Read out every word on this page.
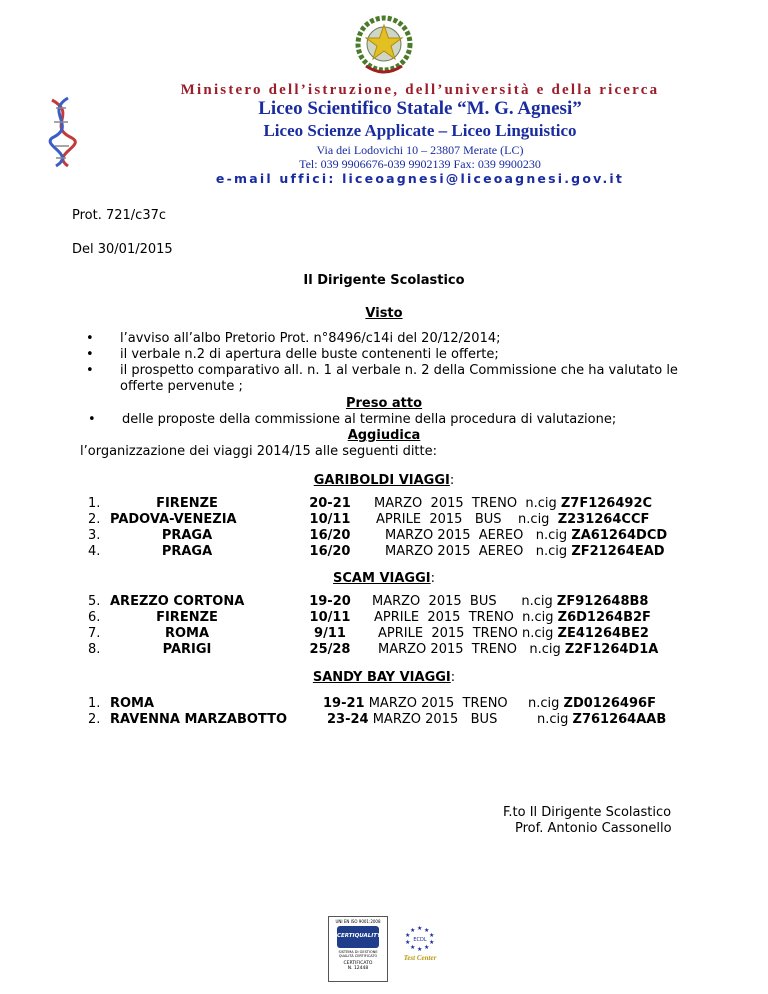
Ministero dell’istruzione, dell’università e della ricerca
Liceo Scientifico Statale “M. G. Agnesi”
Liceo Scienze Applicate – Liceo Linguistico
Via dei Lodovichi 10 – 23807 Merate (LC)
Tel: 039 9906676-039 9902139 Fax: 039 9900230
e-mail uffici: liceoagnesi@liceoagnesi.gov.it
Prot. 721/c37c
Del 30/01/2015
Il Dirigente Scolastico
Visto
• l’avviso all’albo Pretorio Prot. n°8496/c14i del 20/12/2014;
• il verbale n.2 di apertura delle buste contenenti le offerte;
• il prospetto comparativo all. n. 1 al verbale n. 2 della Commissione che ha valutato le
offerte pervenute ;
Preso atto
• delle proposte della commissione al termine della procedura di valutazione;
Aggiudica
l’organizzazione dei viaggi 2014/15 alle seguenti ditte:
GARIBOLDI VIAGGI:
1.	FIRENZE	20-21	MARZO 2015 TRENO n.cig Z7F126492C
2. PADOVA-VENEZIA	10/11	APRILE 2015 BUS n.cig Z231264CCF
3.	PRAGA	16/20	MARZO 2015 AEREO n.cig ZA61264DCD
4.	PRAGA	16/20	MARZO 2015 AEREO n.cig ZF21264EAD
SCAM VIAGGI:
5. AREZZO CORTONA	19-20	MARZO 2015 BUS n.cig ZF912648B8
6.	FIRENZE	10/11	APRILE 2015 TRENO n.cig Z6D1264B2F
7.	ROMA	9/11	APRILE 2015 TRENO n.cig ZE41264BE2
8.	PARIGI	25/28	MARZO 2015 TRENO n.cig Z2F1264D1A
SANDY BAY VIAGGI:
1. ROMA	19-21 MARZO 2015 TRENO n.cig ZD0126496F
2. RAVENNA MARZABOTTO	23-24 MARZO 2015 BUS	n.cig Z761264AAB
F.to Il Dirigente Scolastico
Prof. Antonio Cassonello
UNI EN ISO 9001:2008
CERTIQUALITY
SISTEMA DI GESTIONE
QUALITÀ CERTIFICATO
CERTIFICATO
N. 12448
★ ★
★
★
★
★
★
★
★
★
ECDL
Test Center
